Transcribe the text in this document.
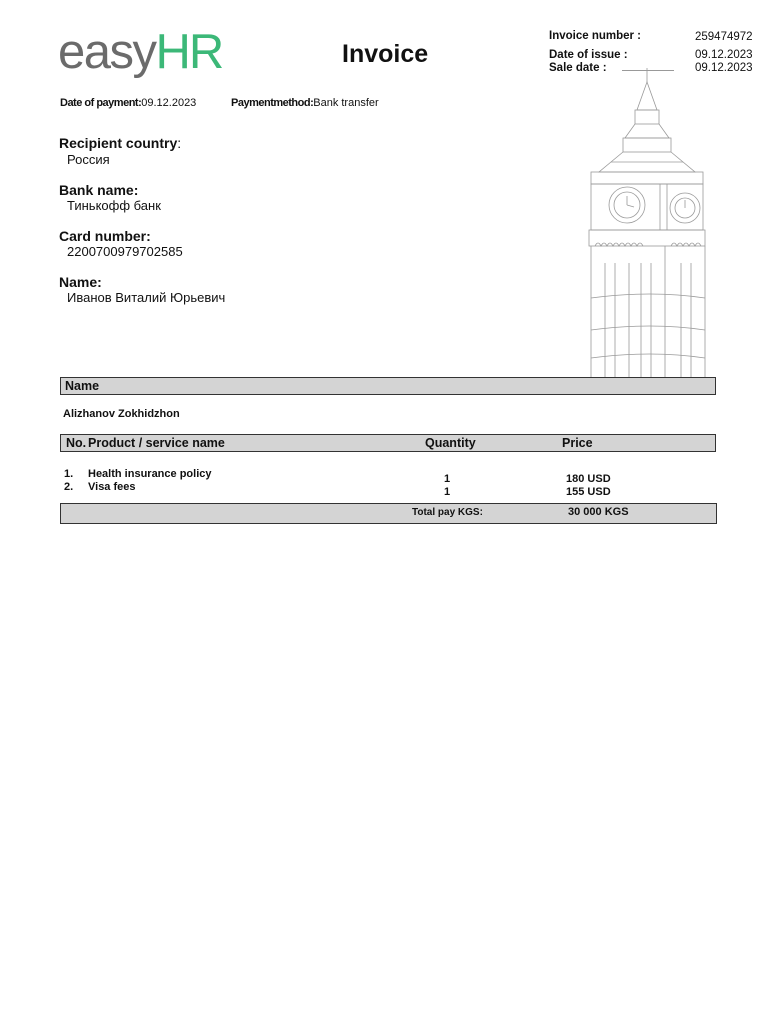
easyHR	Invoice
Invoice number :	259474972
Date of issue :	09.12.2023
Sale date :	09.12.2023
Date of payment:09.12.2023	Paymentmethod:Bank transfer
Recipient country:
Россия
Bank name:
Тинькофф банк
Card number:
2200700979702585
Name:
Иванов Виталий Юрьевич
Name
Alizhanov Zokhidzhon
No. Product / service name	Quantity	Price
1. Health insurance policy	1	180 USD
2. Visa fees	1	155 USD
Total pay KGS:	30 000 KGS
